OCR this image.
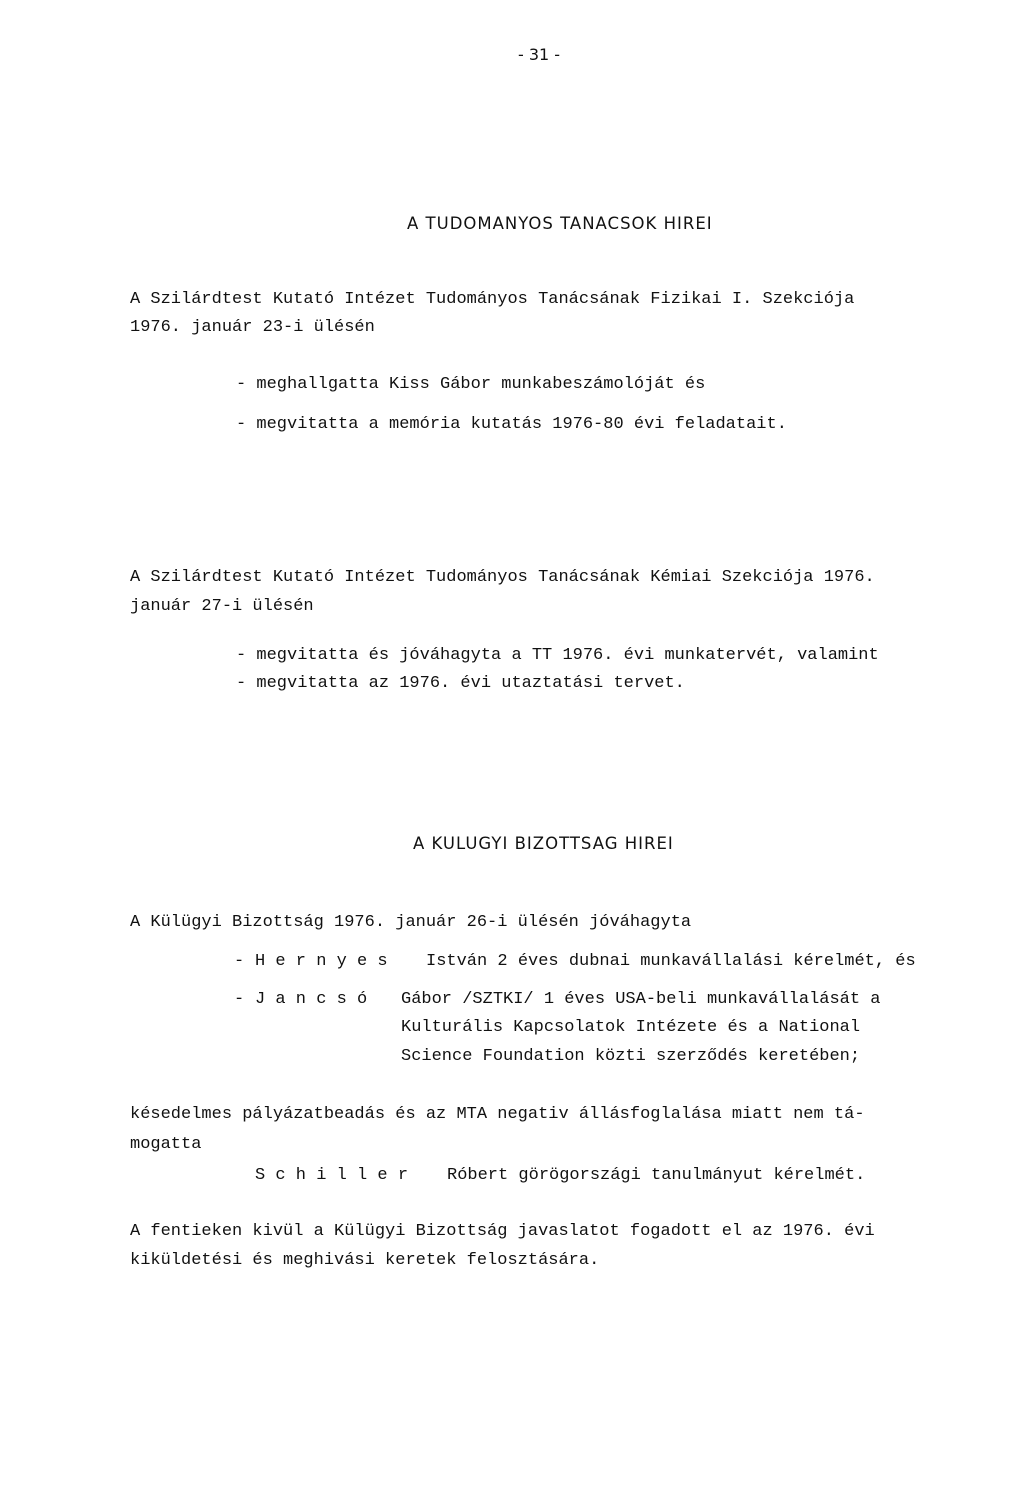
- 31 -
A TUDOMANYOS TANACSOK HIREI
A Szilárdtest Kutató Intézet Tudományos Tanácsának Fizikai I. Szekciója
1976. január 23-i ülésén
- meghallgatta Kiss Gábor munkabeszámolóját és
- megvitatta a memória kutatás 1976-80 évi feladatait.
A Szilárdtest Kutató Intézet Tudományos Tanácsának Kémiai Szekciója 1976.
január 27-i ülésén
- megvitatta és jóváhagyta a TT 1976. évi munkatervét, valamint
- megvitatta az 1976. évi utaztatási tervet.
A KULUGYI BIZOTTSAG HIREI
A Külügyi Bizottság 1976. január 26-i ülésén jóváhagyta
- H e r n y e s István 2 éves dubnai munkavállalási kérelmét, és
- J a n c s ó Gábor /SZTKI/ 1 éves USA-beli munkavállalását a
Kulturális Kapcsolatok Intézete és a National
Science Foundation közti szerződés keretében;
késedelmes pályázatbeadás és az MTA negativ állásfoglalása miatt nem tá-
mogatta
S c h i l l e r Róbert görögországi tanulmányut kérelmét.
A fentieken kivül a Külügyi Bizottság javaslatot fogadott el az 1976. évi
kiküldetési és meghivási keretek felosztására.
